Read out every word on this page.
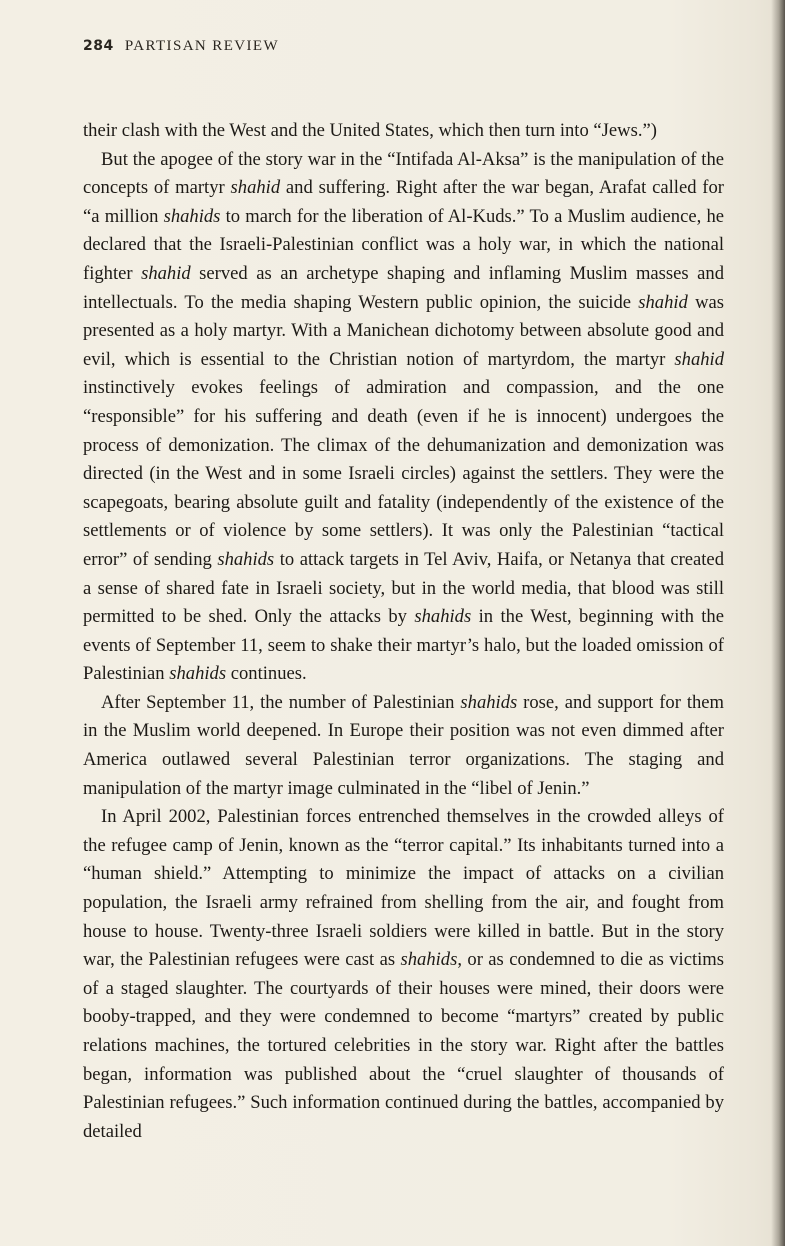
284 PARTISAN REVIEW

their clash with the West and the United States, which then turn into “Jews.”)

But the apogee of the story war in the “Intifada Al-Aksa” is the manipulation of the concepts of martyr shahid and suffering. Right after the war began, Arafat called for “a million shahids to march for the liberation of Al-Kuds.” To a Muslim audience, he declared that the Israeli-Palestinian conflict was a holy war, in which the national fighter shahid served as an archetype shaping and inflaming Muslim masses and intellectuals. To the media shaping Western public opinion, the suicide shahid was presented as a holy martyr. With a Manichean dichotomy between absolute good and evil, which is essential to the Christian notion of martyrdom, the martyr shahid instinctively evokes feelings of admiration and compassion, and the one “responsible” for his suffering and death (even if he is innocent) undergoes the process of demonization. The climax of the dehumanization and demonization was directed (in the West and in some Israeli circles) against the settlers. They were the scapegoats, bearing absolute guilt and fatality (independently of the existence of the settlements or of violence by some settlers). It was only the Palestinian “tactical error” of sending shahids to attack targets in Tel Aviv, Haifa, or Netanya that created a sense of shared fate in Israeli society, but in the world media, that blood was still permitted to be shed. Only the attacks by shahids in the West, beginning with the events of September 11, seem to shake their martyr’s halo, but the loaded omission of Palestinian shahids continues.

After September 11, the number of Palestinian shahids rose, and support for them in the Muslim world deepened. In Europe their position was not even dimmed after America outlawed several Palestinian terror organizations. The staging and manipulation of the martyr image culminated in the “libel of Jenin.”

In April 2002, Palestinian forces entrenched themselves in the crowded alleys of the refugee camp of Jenin, known as the “terror capital.” Its inhabitants turned into a “human shield.” Attempting to minimize the impact of attacks on a civilian population, the Israeli army refrained from shelling from the air, and fought from house to house. Twenty-three Israeli soldiers were killed in battle. But in the story war, the Palestinian refugees were cast as shahids, or as condemned to die as victims of a staged slaughter. The courtyards of their houses were mined, their doors were booby-trapped, and they were condemned to become “martyrs” created by public relations machines, the tortured celebrities in the story war. Right after the battles began, information was published about the “cruel slaughter of thousands of Palestinian refugees.” Such information continued during the battles, accompanied by detailed
